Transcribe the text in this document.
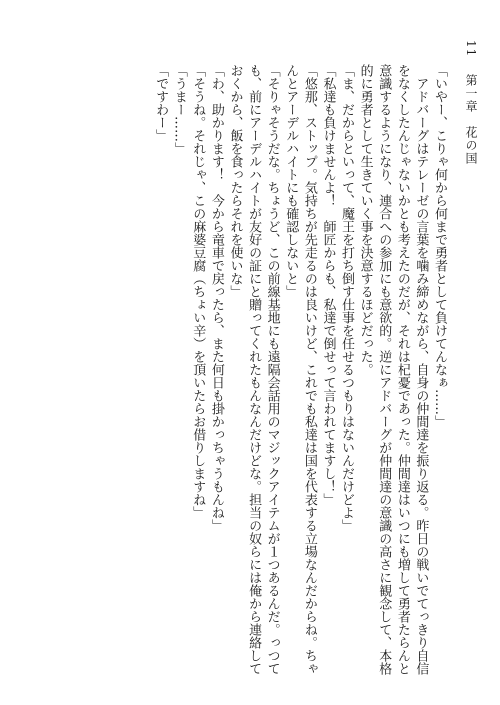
11 第一章 花の国

「いやー、こりゃ何から何まで勇者として負けてんなぁ……」

　アドバーグはテレーゼの言葉を噛み締めながら、自身の仲間達を振り返る。昨日の戦いでてっきり自信をなくしたんじゃないかとも考えたのだが、それは杞憂であった。仲間達はいつにも増して勇者たらんと意識するようになり、連合への参加にも意欲的。逆にアドバーグが仲間達の意識の高さに観念して、本格的に勇者として生きていく事を決意するほどだった。

「ま、だからといって、魔王を打ち倒す仕事を任せるつもりはないんだけどよ」

「私達も負けませんよ！　師匠からも、私達で倒せって言われてますし！」

「悠那、ストップ。気持ちが先走るのは良いけど、これでも私達は国を代表する立場なんだからね。ちゃんとアーデルハイトにも確認しないと」

「そりゃそうだな。ちょうど、この前線基地にも遠隔会話用のマジックアイテムが１つあるんだ。っつても、前にアーデルハイトが友好の証にと贈ってくれたもんなんだけどな。担当の奴らには俺から連絡しておくから、飯を食ったらそれを使いな」

「わ、助かります！　今から竜車で戻ったら、また何日も掛かっちゃうもんね」

「そうね。それじゃ、この麻婆豆腐（ちょい辛）を頂いたらお借りしますね」

「うまー……」

「ですわー」
